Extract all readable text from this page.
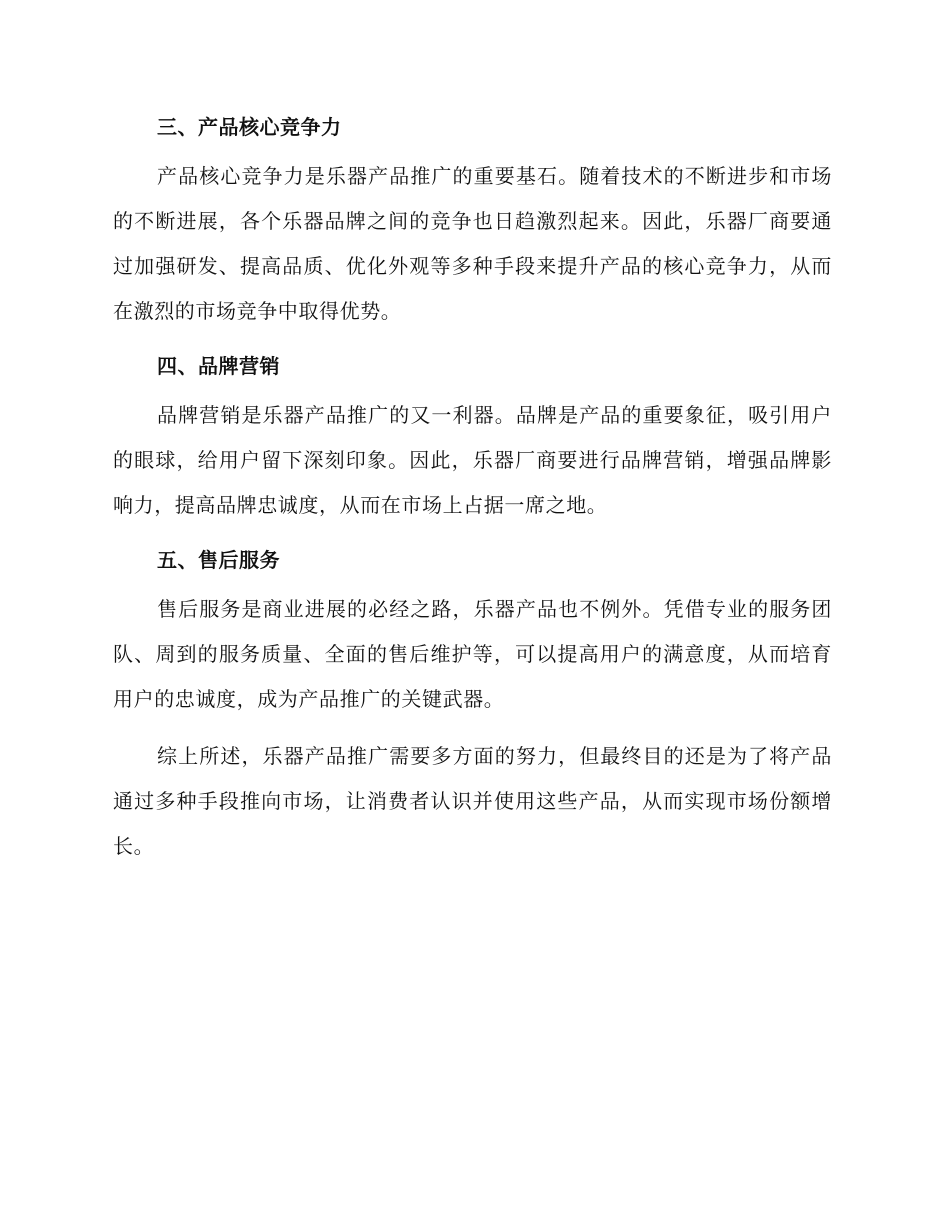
三、产品核心竞争力

产品核心竞争力是乐器产品推广的重要基石。随着技术的不断进步和市场的不断进展，各个乐器品牌之间的竞争也日趋激烈起来。因此，乐器厂商要通过加强研发、提高品质、优化外观等多种手段来提升产品的核心竞争力，从而在激烈的市场竞争中取得优势。

四、品牌营销

品牌营销是乐器产品推广的又一利器。品牌是产品的重要象征，吸引用户的眼球，给用户留下深刻印象。因此，乐器厂商要进行品牌营销，增强品牌影响力，提高品牌忠诚度，从而在市场上占据一席之地。

五、售后服务

售后服务是商业进展的必经之路，乐器产品也不例外。凭借专业的服务团队、周到的服务质量、全面的售后维护等，可以提高用户的满意度，从而培育用户的忠诚度，成为产品推广的关键武器。

综上所述，乐器产品推广需要多方面的努力，但最终目的还是为了将产品通过多种手段推向市场，让消费者认识并使用这些产品，从而实现市场份额增长。
